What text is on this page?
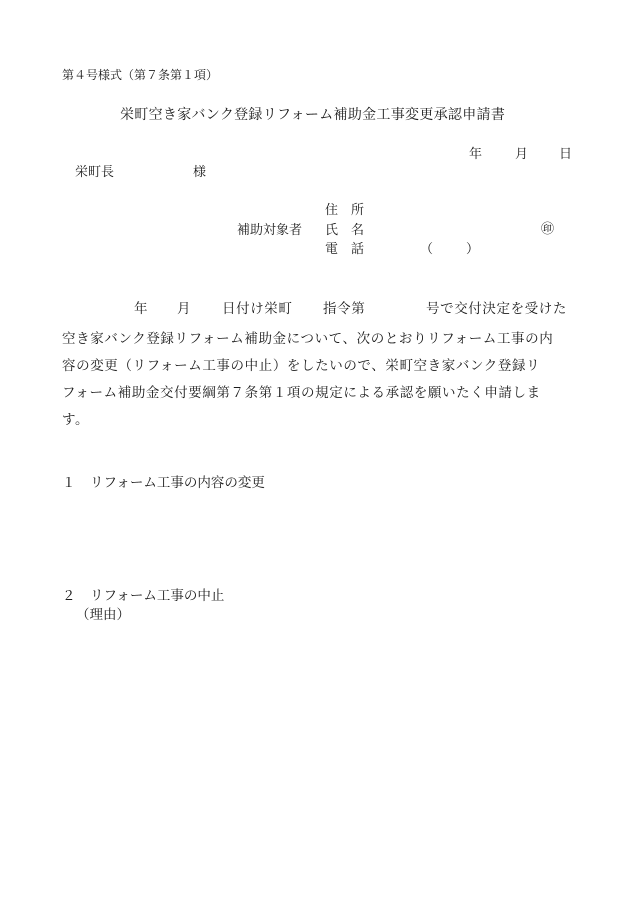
第４号様式（第７条第１項）
栄町空き家バンク登録リフォーム補助金工事変更承認申請書
年	月 日
栄町長	様
住　所
補助対象者 氏　名	㊞
電　話	（	）
年 月 日付け栄町 指令第	号で交付決定を受けた
空き家バンク登録リフォーム補助金について、次のとおりリフォーム工事の内
容の変更（リフォーム工事の中止）をしたいので、栄町空き家バンク登録リ
フォーム補助金交付要綱第７条第１項の規定による承認を願いたく申請しま
す。
１ リフォーム工事の内容の変更
２ リフォーム工事の中止
（理由）
